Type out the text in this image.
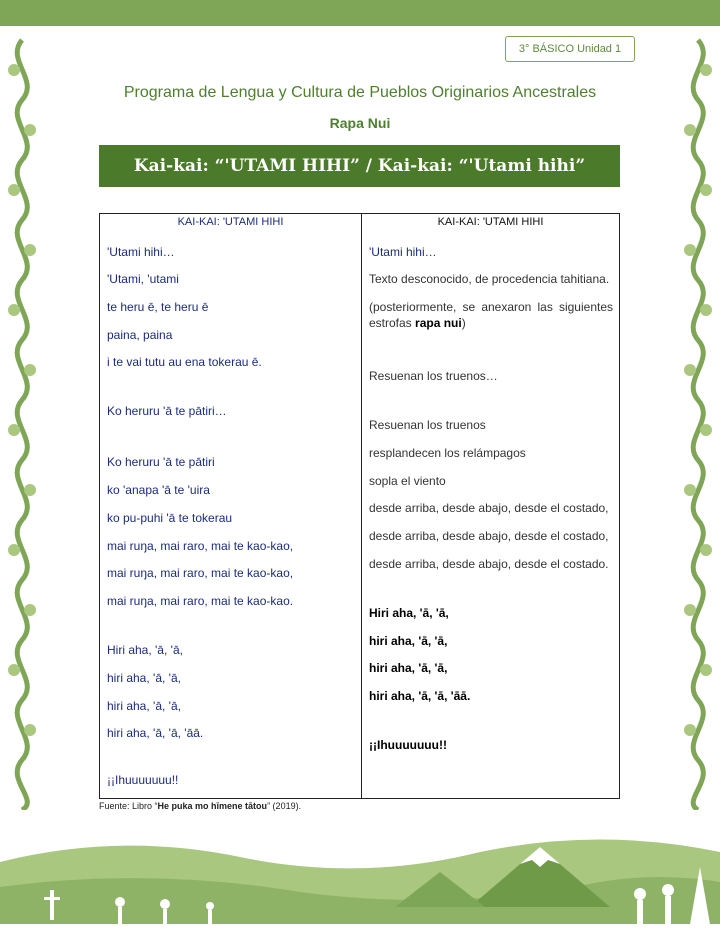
3° BÁSICO Unidad 1
Programa de Lengua y Cultura de Pueblos Originarios Ancestrales
Rapa Nui
Kai-kai: “'UTAMI HIHI” / Kai-kai: “'Utami hihi”
KAI-KAI: 'UTAMI HIHI
'Utami hihi…
'Utami, 'utami
te heru ē, te heru ē
paina, paina
i te vai tutu au ena tokerau ē.
Ko heruru 'ā te pātiri…
Ko heruru 'ā te pātiri
ko 'anapa 'ā te 'uira
ko pu-puhi 'ā te tokerau
mai ruŋa, mai raro, mai te kao-kao,
mai ruŋa, mai raro, mai te kao-kao,
mai ruŋa, mai raro, mai te kao-kao.
Hiri aha, 'ā, 'ā,
hiri aha, 'ā, 'ā,
hiri aha, 'ā, 'ā,
hiri aha, 'ā, 'ā, 'āā.
¡¡Ihuuuuuuu!!
KAI-KAI: 'UTAMI HIHI
'Utami hihi…
Texto desconocido, de procedencia tahitiana.
(posteriormente, se anexaron las siguientes estrofas rapa nui)
Resuenan los truenos…
Resuenan los truenos
resplandecen los relámpagos
sopla el viento
desde arriba, desde abajo, desde el costado,
desde arriba, desde abajo, desde el costado,
desde arriba, desde abajo, desde el costado.
Hiri aha, 'ā, 'ā,
hiri aha, 'ā, 'ā,
hiri aha, 'ā, 'ā,
hiri aha, 'ā, 'ā, 'āā.
¡¡Ihuuuuuuu!!
Fuente: Libro “He puka mo hīmene tātou” (2019).
